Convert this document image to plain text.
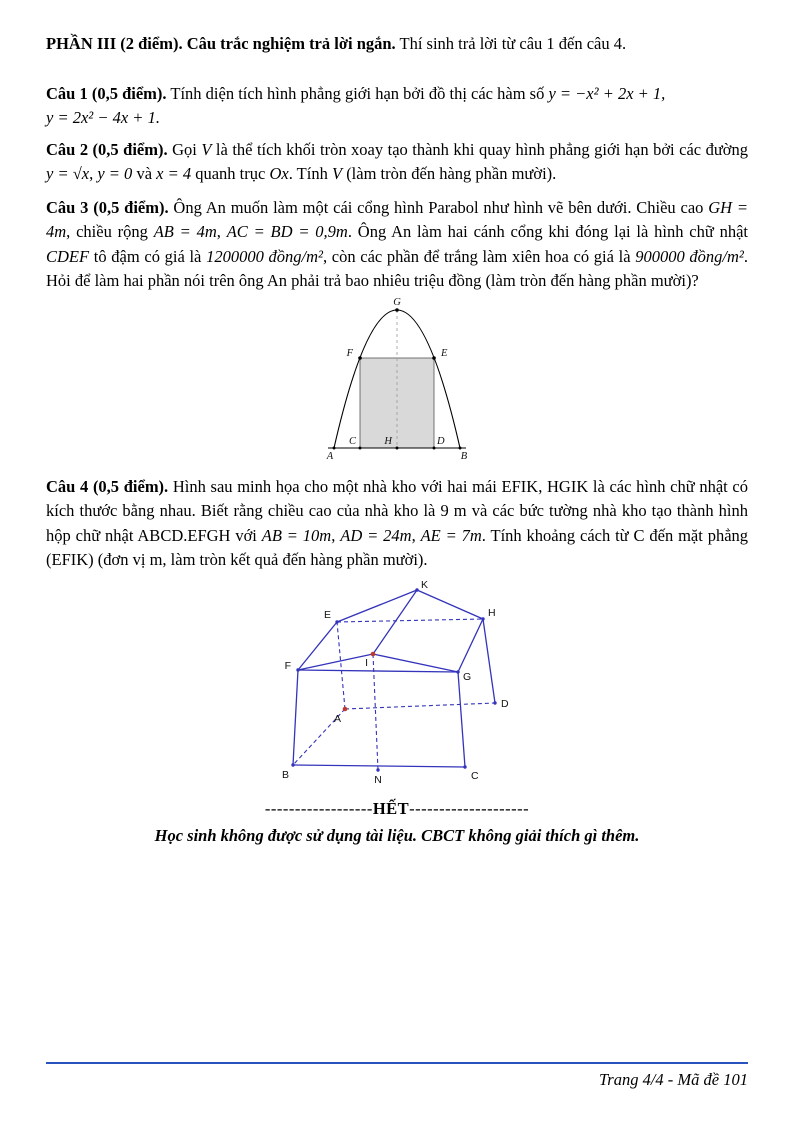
PHẦN III (2 điểm). Câu trắc nghiệm trả lời ngắn. Thí sinh trả lời từ câu 1 đến câu 4.

Câu 1 (0,5 điểm). Tính diện tích hình phẳng giới hạn bởi đồ thị các hàm số y = −x² + 2x + 1,
y = 2x² − 4x + 1.

Câu 2 (0,5 điểm). Gọi V là thể tích khối tròn xoay tạo thành khi quay hình phẳng giới hạn bởi các đường y = √x, y = 0 và x = 4 quanh trục Ox. Tính V (làm tròn đến hàng phần mười).

Câu 3 (0,5 điểm). Ông An muốn làm một cái cổng hình Parabol như hình vẽ bên dưới. Chiều cao GH = 4m, chiều rộng AB = 4m, AC = BD = 0,9m. Ông An làm hai cánh cổng khi đóng lại là hình chữ nhật CDEF tô đậm có giá là 1200000 đồng/m², còn các phần để trắng làm xiên hoa có giá là 900000 đồng/m². Hỏi để làm hai phần nói trên ông An phải trả bao nhiêu triệu đồng (làm tròn đến hàng phần mười)?

G
F	E
C	H	D
A	B

Câu 4 (0,5 điểm). Hình sau minh họa cho một nhà kho với hai mái EFIK, HGIK là các hình chữ nhật có kích thước bằng nhau. Biết rằng chiều cao của nhà kho là 9 m và các bức tường nhà kho tạo thành hình hộp chữ nhật ABCD.EFGH với AB = 10m, AD = 24m, AE = 7m. Tính khoảng cách từ C đến mặt phẳng (EFIK) (đơn vị m, làm tròn kết quả đến hàng phần mười).

K
E	H
F	I
G
A
D
B	N	C

------------------HẾT--------------------

Học sinh không được sử dụng tài liệu. CBCT không giải thích gì thêm.

Trang 4/4 - Mã đề 101
